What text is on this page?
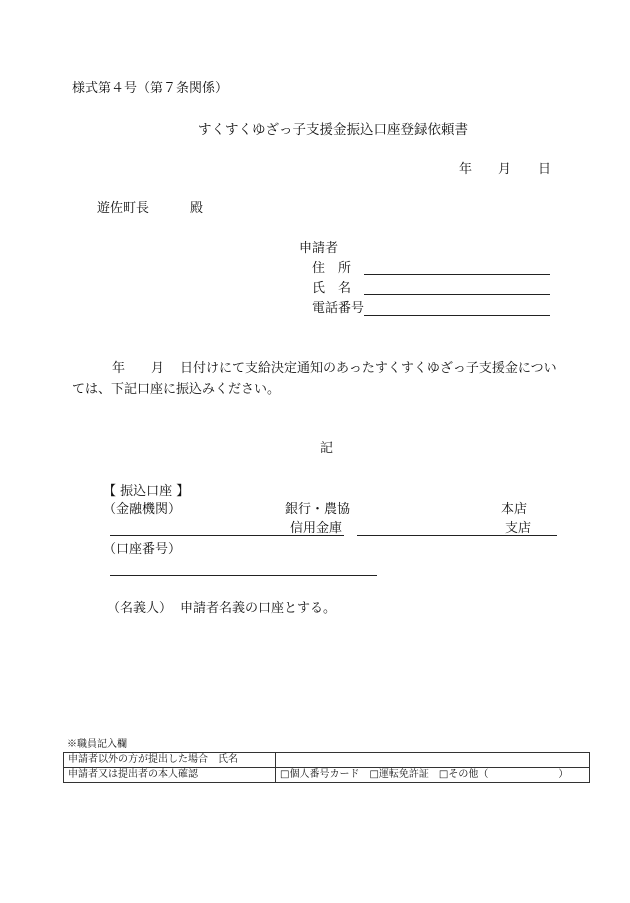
様式第４号（第７条関係）
すくすくゆざっ子支援金振込口座登録依頼書
年 月 日
遊佐町長	殿
申請者
住　所
氏　名
電話番号
年 月 日付けにて支給決定通知のあったすくすくゆざっ子支援金につい
ては、下記口座に振込みください。
記
【 振込口座 】
（金融機関）	銀行・農協	本店
信用金庫	支店
（口座番号）
（名義人） 申請者名義の口座とする。
※職員記入欄
申請者以外の方が提出した場合　氏名	
申請者又は提出者の本人確認	□個人番号カード　□運転免許証　□その他（　　　　　　　）
